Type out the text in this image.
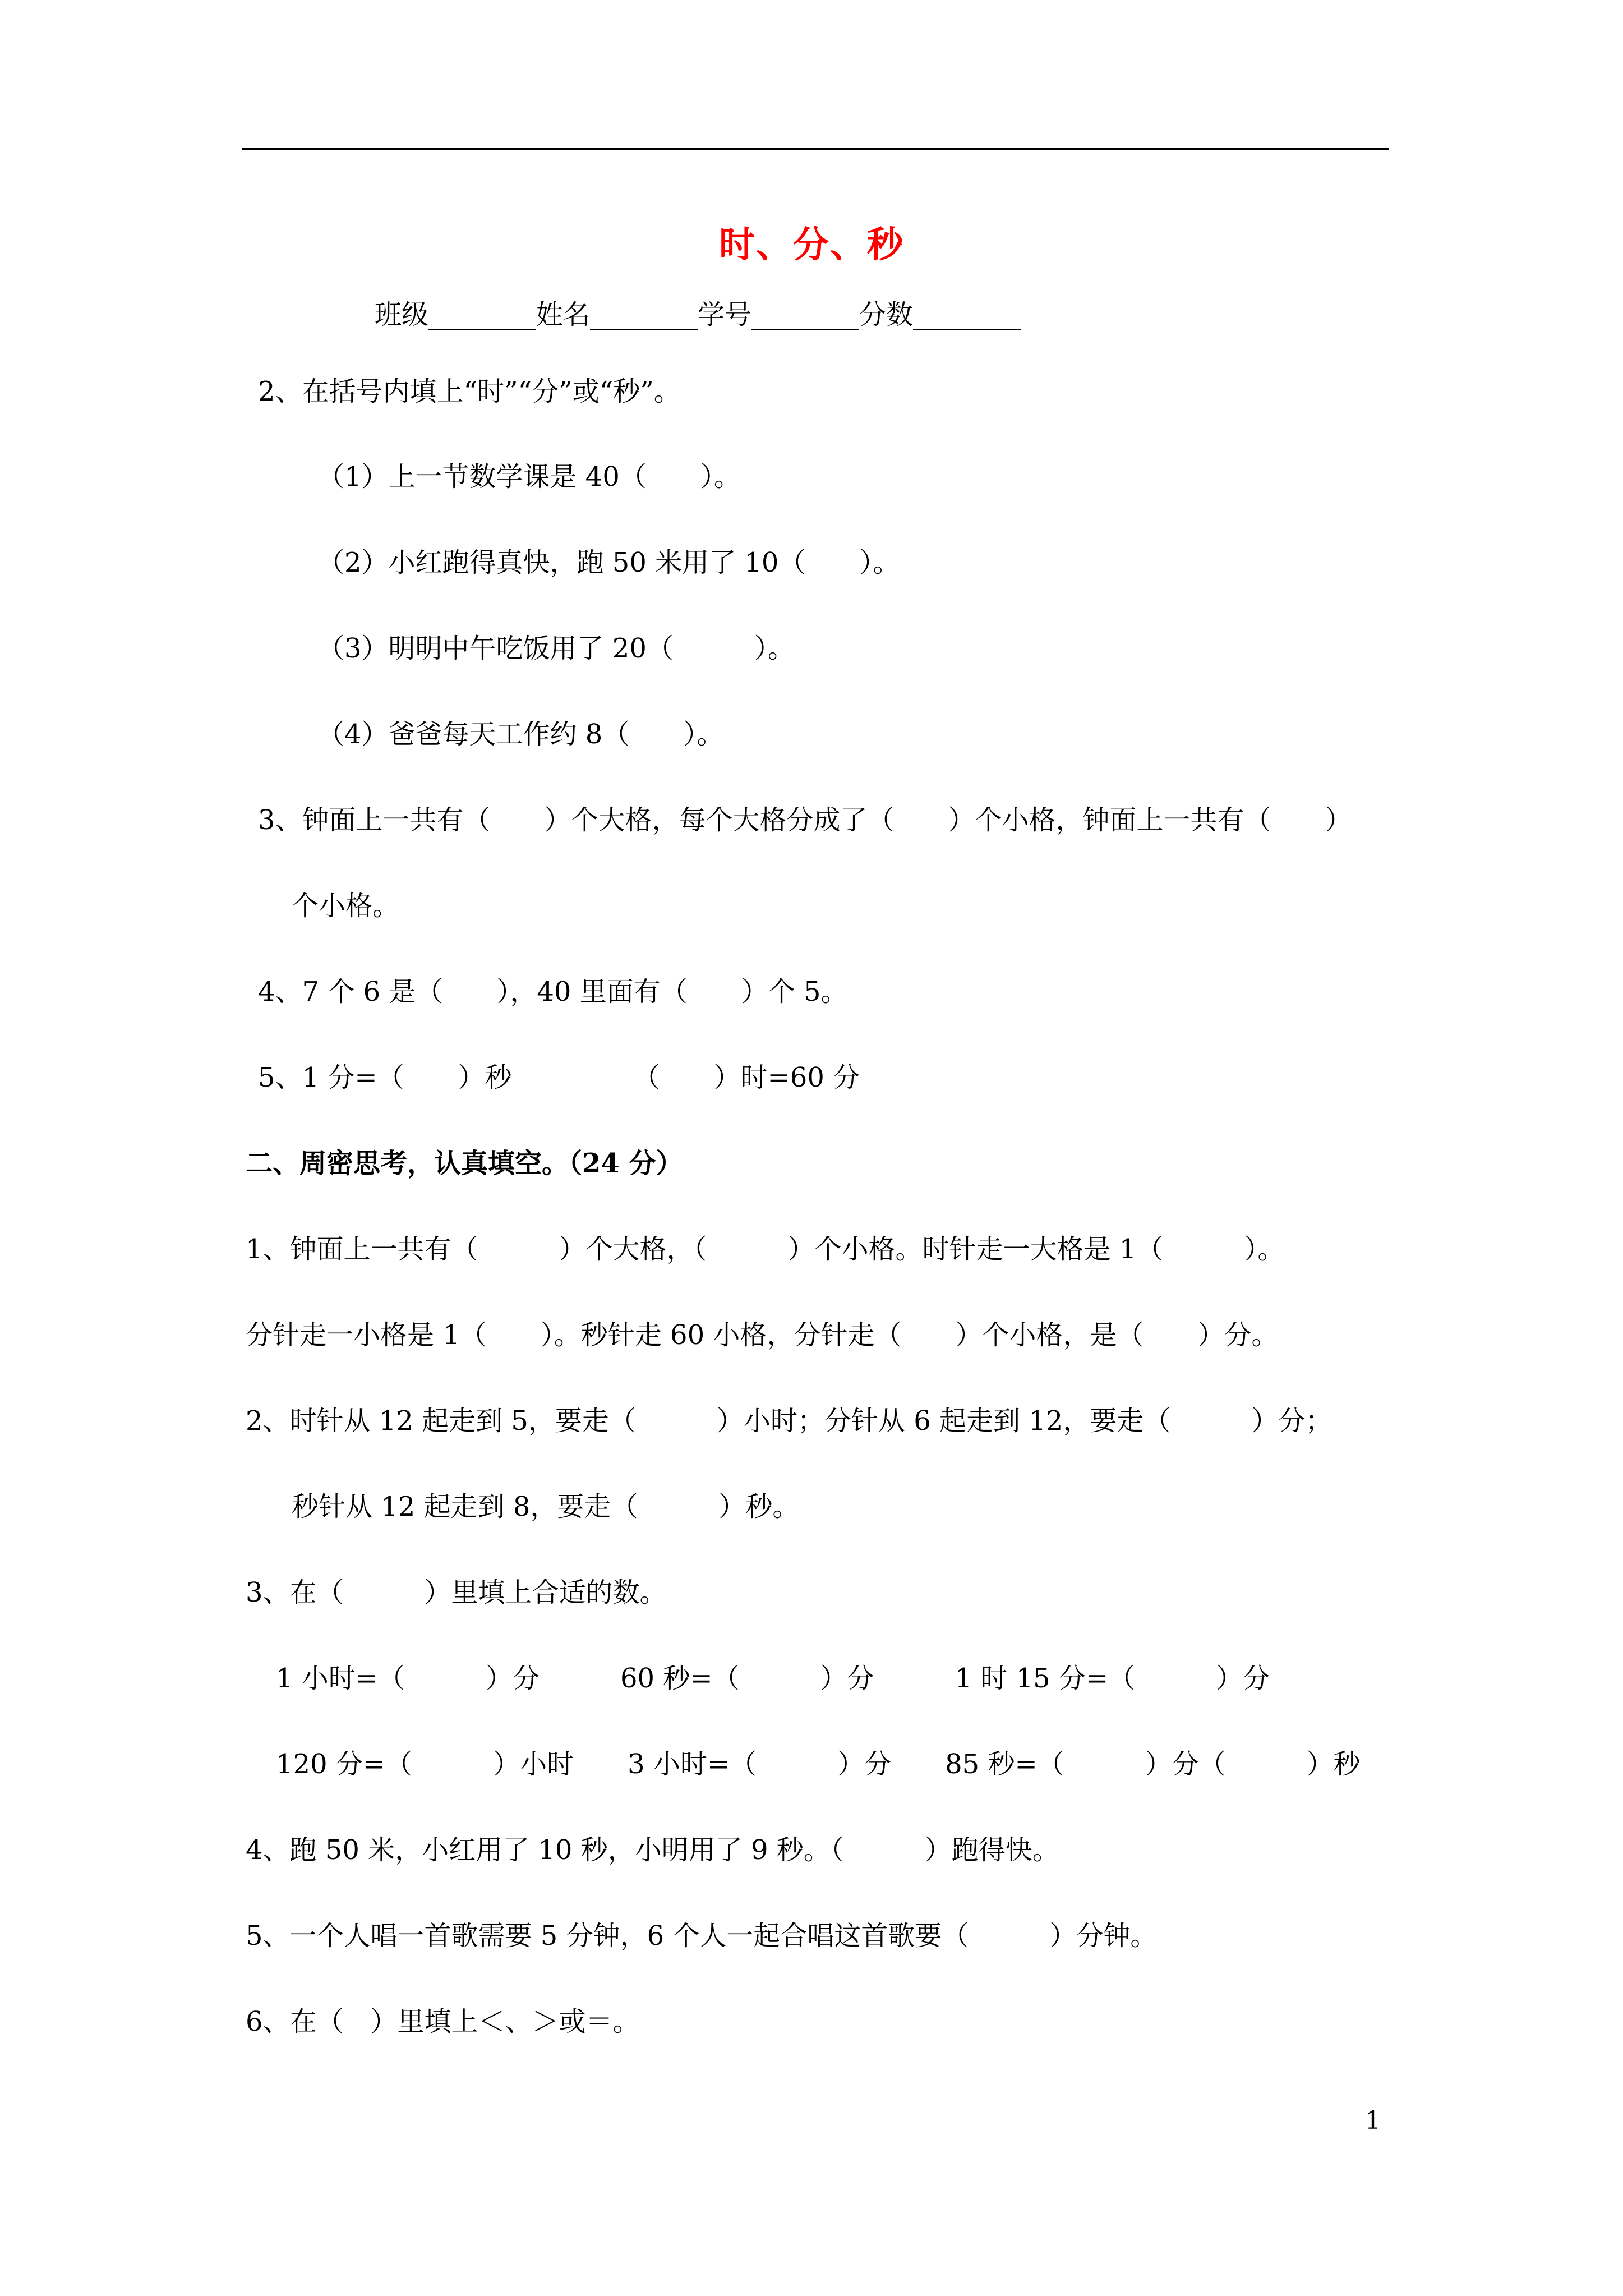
时、分、秒
班级________姓名________学号________分数________
2、在括号内填上“时”“分”或“秒”。
（1）上一节数学课是 40（　　）。
（2）小红跑得真快，跑 50 米用了 10（　　）。
（3）明明中午吃饭用了 20（　　　）。
（4）爸爸每天工作约 8（　　）。
3、钟面上一共有（　　）个大格，每个大格分成了（　　）个小格，钟面上一共有（　　）
个小格。
4、7 个 6 是（　　），40 里面有（　　）个 5。
5、1 分=（　　）秒　　　　　（　　）时=60 分
二、周密思考，认真填空。（24 分）
1、钟面上一共有（　　　）个大格，（　　　）个小格。时针走一大格是 1（　　　）。
分针走一小格是 1（　　）。秒针走 60 小格，分针走（　　）个小格，是（　　）分。
2、时针从 12 起走到 5，要走（　　　）小时；分针从 6 起走到 12，要走（　　　）分；
秒针从 12 起走到 8，要走（　　　）秒。
3、在（　　　）里填上合适的数。
1 小时=（　　　）分　　　60 秒=（　　　）分　　　1 时 15 分=（　　　）分
120 分=（　　　）小时　　3 小时=（　　　）分　　85 秒=（　　　）分（　　　）秒
4、跑 50 米，小红用了 10 秒，小明用了 9 秒。（　　　）跑得快。
5、一个人唱一首歌需要 5 分钟，6 个人一起合唱这首歌要（　　　）分钟。
6、在（　）里填上＜、＞或＝。
1
